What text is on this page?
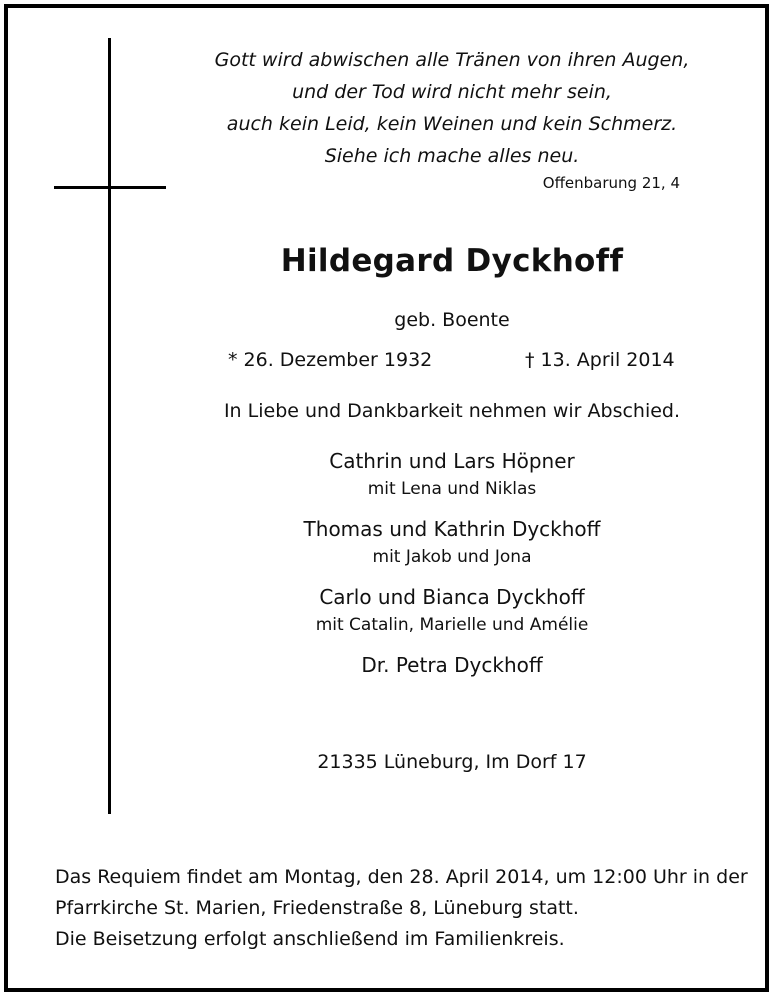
Gott wird abwischen alle Tränen von ihren Augen,
und der Tod wird nicht mehr sein,
auch kein Leid, kein Weinen und kein Schmerz.
Siehe ich mache alles neu.
Offenbarung 21, 4
Hildegard Dyckhoff
geb. Boente
* 26. Dezember 1932	† 13. April 2014
In Liebe und Dankbarkeit nehmen wir Abschied.
Cathrin und Lars Höpner
mit Lena und Niklas
Thomas und Kathrin Dyckhoff
mit Jakob und Jona
Carlo und Bianca Dyckhoff
mit Catalin, Marielle und Amélie
Dr. Petra Dyckhoff
21335 Lüneburg, Im Dorf 17
Das Requiem findet am Montag, den 28. April 2014, um 12:00 Uhr in der
Pfarrkirche St. Marien, Friedenstraße 8, Lüneburg statt.
Die Beisetzung erfolgt anschließend im Familienkreis.
